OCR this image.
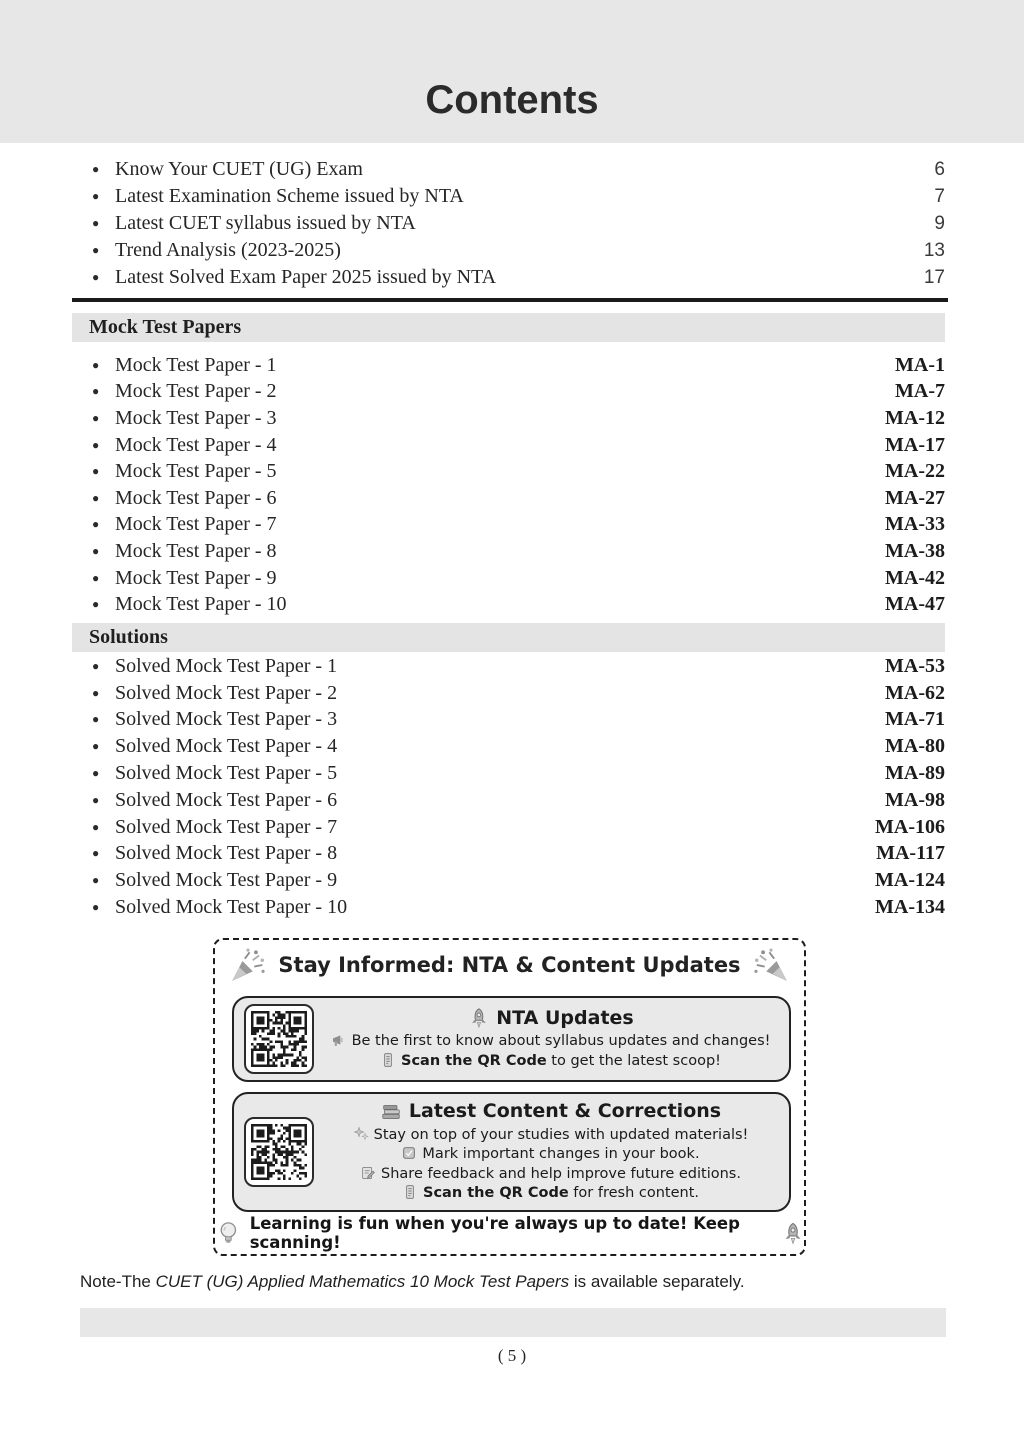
Contents
● Know Your CUET (UG) Exam	6
● Latest Examination Scheme issued by NTA	7
● Latest CUET syllabus issued by NTA	9
● Trend Analysis (2023-2025)	13
● Latest Solved Exam Paper 2025 issued by NTA	17
Mock Test Papers
● Mock Test Paper - 1	MA-1
● Mock Test Paper - 2	MA-7
● Mock Test Paper - 3	MA-12
● Mock Test Paper - 4	MA-17
● Mock Test Paper - 5	MA-22
● Mock Test Paper - 6	MA-27
● Mock Test Paper - 7	MA-33
● Mock Test Paper - 8	MA-38
● Mock Test Paper - 9	MA-42
● Mock Test Paper - 10	MA-47
Solutions
● Solved Mock Test Paper - 1	MA-53
● Solved Mock Test Paper - 2	MA-62
● Solved Mock Test Paper - 3	MA-71
● Solved Mock Test Paper - 4	MA-80
● Solved Mock Test Paper - 5	MA-89
● Solved Mock Test Paper - 6	MA-98
● Solved Mock Test Paper - 7	MA-106
● Solved Mock Test Paper - 8	MA-117
● Solved Mock Test Paper - 9	MA-124
● Solved Mock Test Paper - 10	MA-134
Stay Informed: NTA & Content Updates
NTA Updates
Be the first to know about syllabus updates and changes!
Scan the QR Code to get the latest scoop!
Latest Content & Corrections
Stay on top of your studies with updated materials!
Mark important changes in your book.
Share feedback and help improve future editions.
Scan the QR Code for fresh content.
Learning is fun when you're always up to date! Keep scanning!

Note-The CUET (UG) Applied Mathematics 10 Mock Test Papers is available separately.

( 5 )
